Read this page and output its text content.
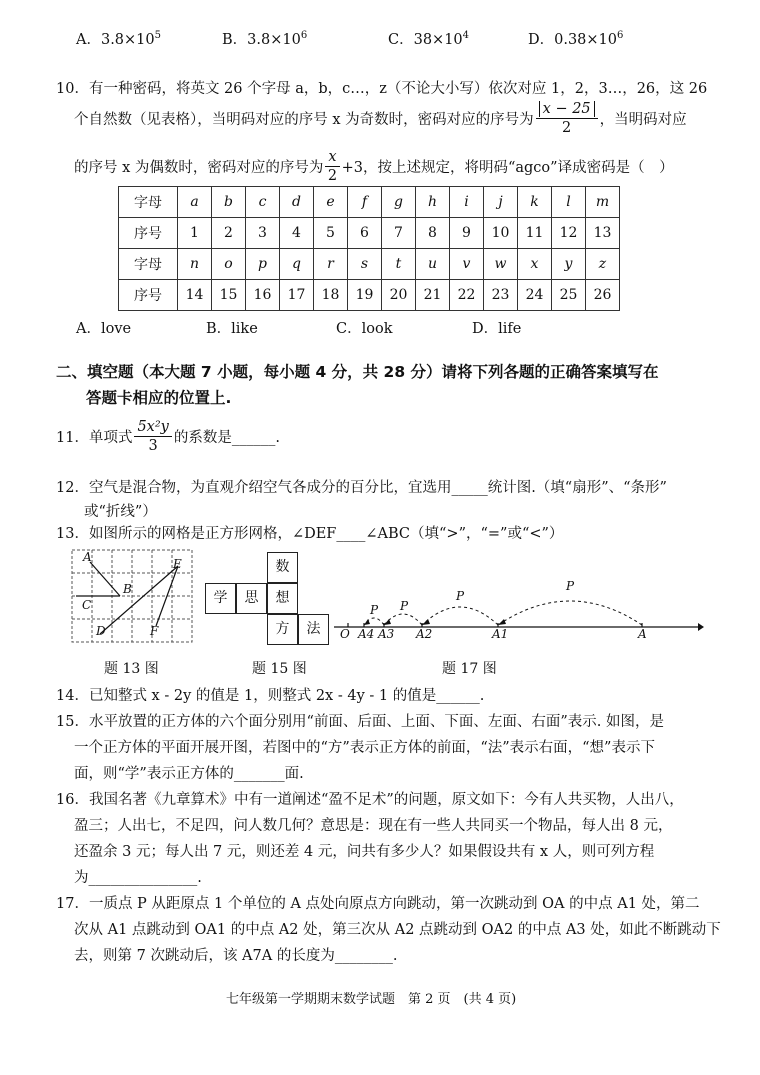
A．$3.8\times 10^5$	B．$3.8\times 10^6$	C．$38\times 10^4$	D．$0.38\times 10^6$
10．有一种密码，将英文 26 个字母 a，b，c…，z（不论大小写）依次对应 1，2，3…，26，这 26
个自然数（见表格），当明码对应的序号 x 为奇数时，密码对应的序号为 $\frac{x - 25}{2}$ ，当明码对应
的序号 x 为偶数时，密码对应的序号为 $\frac{x}{2} +3$，按上述规定，将明码“agco”译成密码是（　）
字母	a	b	c	d	e	f	g	h	i	j	k	l	m
序号	1	2	3	4	5	6	7	8	9	10	11	12	13
字母	n	o	p	q	r	s	t	u	v	w	x	y	z
序号	14	15	16	17	18	19	20	21	22	23	24	25	26
A．love	B．like	C．look	D．life
二、填空题（本大题 7 小题，每小题 4 分，共 28 分）请将下列各题的正确答案填写在
答题卡相应的位置上.
11．单项式 $\frac{\text{5x²y}}{3}$ 的系数是______.
12．空气是混合物，为直观介绍空气各成分的百分比，宜选用_____统计图.（填“扇形”、“条形”
或“折线”）
13．如图所示的网格是正方形网格，∠DEF____∠ABC（填“>”，“=”或“<”）
A
B
C
D
E
F
题 13 图
数
学	思	想
方	法
题 15 图
O A4 A3 A2	A1	A
P
P
P
P
题 17 图
14．已知整式 x - 2y 的值是 1，则整式 2x - 4y - 1 的值是______.
15．水平放置的正方体的六个面分别用“前面、后面、上面、下面、左面、右面”表示. 如图，是
一个正方体的平面开展开图，若图中的“方”表示正方体的前面，“法”表示右面，“想”表示下
面，则“学”表示正方体的_______面.
16．我国名著《九章算术》中有一道阐述“盈不足术”的问题，原文如下：今有人共买物，人出八，
盈三；人出七，不足四，问人数几何？意思是：现在有一些人共同买一个物品，每人出 8 元，
还盈余 3 元；每人出 7 元，则还差 4 元，问共有多少人？如果假设共有 x 人，则可列方程
为_______________.
17．一质点 P 从距原点 1 个单位的 A 点处向原点方向跳动，第一次跳动到 OA 的中点 A1 处，第二
次从 A1 点跳动到 OA1 的中点 A2 处，第三次从 A2 点跳动到 OA2 的中点 A3 处，如此不断跳动下
去，则第 7 次跳动后，该 A7A 的长度为________.
七年级第一学期期末数学试题　第 2 页　(共 4 页)
